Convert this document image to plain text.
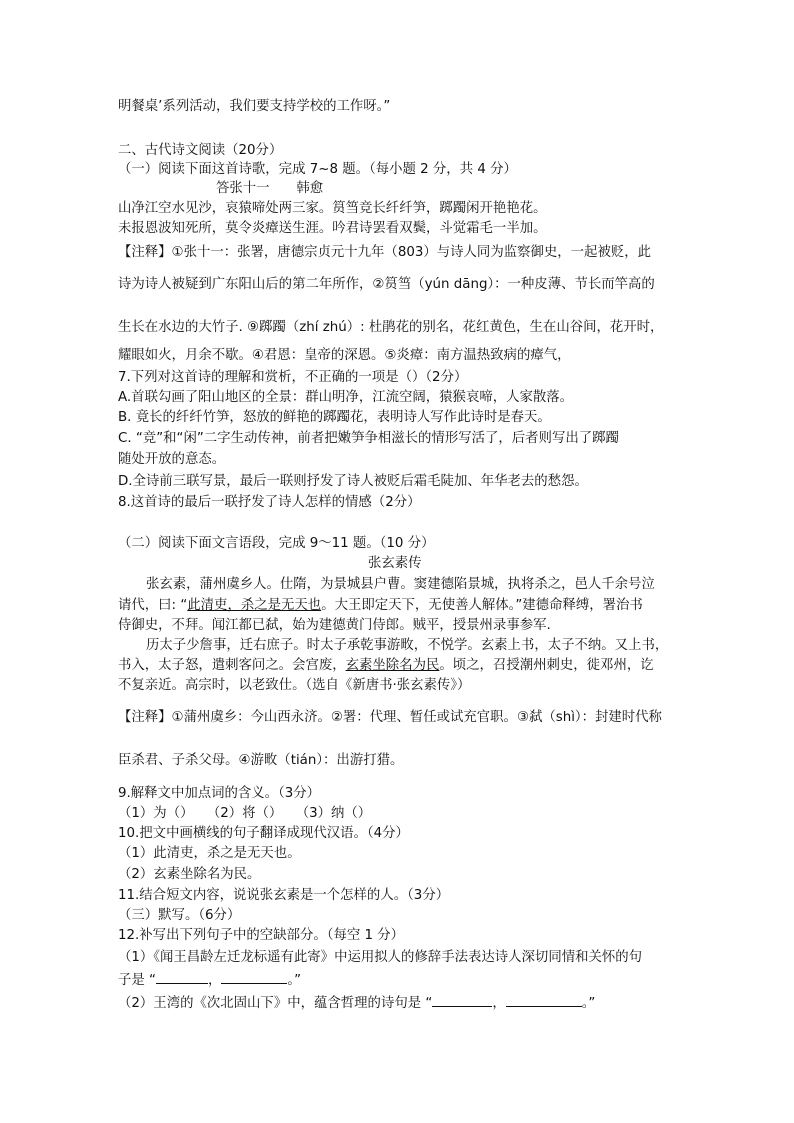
明餐桌’系列活动，我们要支持学校的工作呀。”
二、古代诗文阅读（20分）
（一）阅读下面这首诗歌，完成 7~8 题。（每小题 2 分，共 4 分）
答张十一　　韩愈
山净江空水见沙，哀猿啼处两三家。筼筜竞长纤纤笋，踯躅闲开艳艳花。
未报恩波知死所，莫令炎瘴送生涯。吟君诗罢看双鬓，斗觉霜毛一半加。
【注释】①张十一：张署，唐德宗贞元十九年（803）与诗人同为监察御史，一起被贬，此
诗为诗人被疑到广东阳山后的第二年所作，②筼筜（yún dāng）：一种皮薄、节长而竿高的
生长在水边的大竹子. ⑨踯躅（zhí zhú）: 杜鹃花的别名，花红黄色，生在山谷间，花开时，
耀眼如火，月余不歇。④君恩：皇帝的深恩。⑤炎瘴：南方温热致病的瘴气，
7.下列对这首诗的理解和赏析，不正确的一项是（）（2分）
A.首联勾画了阳山地区的全景：群山明净，江流空阔，猿猴哀啼，人家散落。
B. 竟长的纤纤竹笋，怒放的鲜艳的踯躅花，表明诗人写作此诗时是春天。
C. “竞”和“闲”二字生动传神，前者把嫩笋争相滋长的情形写活了，后者则写出了踯躅
随处开放的意态。
D.全诗前三联写景，最后一联则抒发了诗人被贬后霜毛陡加、年华老去的愁怨。
8.这首诗的最后一联抒发了诗人怎样的情感（2分）
（二）阅读下面文言语段，完成 9～11 题。（10 分）
张玄素传
张玄素，蒲州虞乡人。仕隋，为景城县户曹。窦建德陷景城，执将杀之，邑人千余号泣
请代，曰: “此清吏，杀之是无天也。大王即定天下，无使善人解体。”建德命释缚，署治书
侍御史，不拜。闻江都已弑，始为建德黄门侍郎。贼平，授景州录事参军.
历太子少詹事，迁右庶子。时太子承乾事游畋，不悦学。玄素上书，太子不纳。又上书，
书入，太子怒，遣刺客问之。会宫废，玄素坐除名为民。顷之，召授潮州刺史，徙邓州，讫
不复亲近。高宗时，以老致仕。（选自《新唐书·张玄素传》）
【注释】①蒲州虞乡：今山西永济。②署：代理、暂任或试充官职。③弑（shì）：封建时代称
臣杀君、子杀父母。④游畋（tián）：出游打猎。
9.解释文中加点词的含义。（3分）
（1）为（）　　（2）将（）　　（3）纳（）
10.把文中画横线的句子翻译成现代汉语。（4分）
（1）此清吏，杀之是无天也。
（2）玄素坐除名为民。
11.结合短文内容，说说张玄素是一个怎样的人。（3分）
（三）默写。（6分）
12.补写出下列句子中的空缺部分。（每空 1 分）
（1）《闻王昌龄左迁龙标遥有此寄》中运用拟人的修辞手法表达诗人深切同情和关怀的句
子是 “	，	。”
（2）王湾的《次北固山下》中，蕴含哲理的诗句是 “	，	。”
